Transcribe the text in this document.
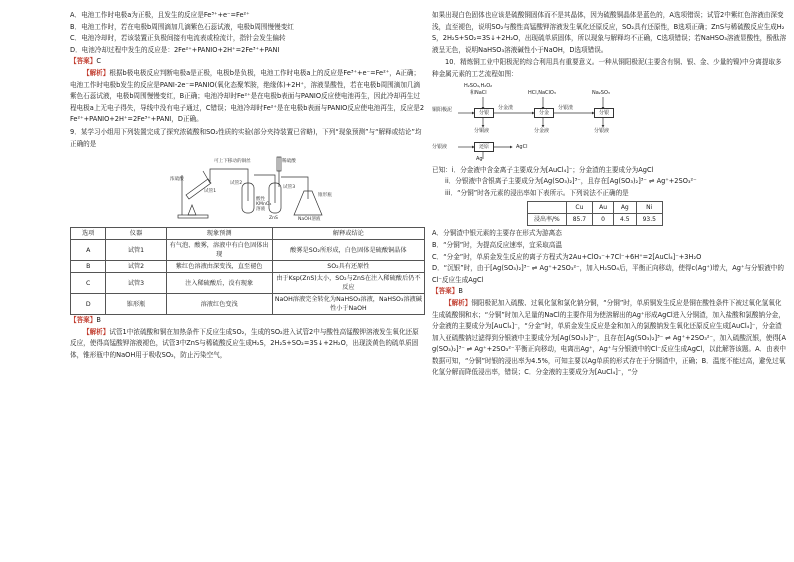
A．电池工作时电极a为正极，且发生的反应是Fe³⁺+e⁻=Fe²⁺

B．电池工作时，若在电极b周围滴加几滴紫色石蕊试液，电极b周围慢慢变红

C．电池冷却时，若该装置正负极间接有电流表或检流计，指针会发生偏转

D．电池冷却过程中发生的反应是：2Fe²⁺+PANIO+2H⁺=2Fe³⁺+PANI

【答案】C

【解析】根据b极电极反应判断电极a是正极，电极b是负极，电池工作时电极a上的反应是Fe³⁺+e⁻=Fe²⁺，A正确；电池工作时电极b发生的反应是PANI-2e⁻=PANIO(氧化态聚苯胺，绝缘体)+2H⁺，溶液显酸性，若在电极b周围滴加几滴紫色石蕊试液，电极b周围慢慢变红，B正确；电池冷却时Fe²⁺是在电极b表面与PANIO反应使电池再生，因此冷却再生过程电极a上无电子得失，导线中没有电子通过，C错误；电池冷却时Fe²⁺是在电极b表面与PANIO反应使电池再生，反应是2Fe²⁺+PANIO+2H⁺=2Fe³⁺+PANI，D正确。

9．某学习小组用下列装置完成了探究浓硫酸和SO₂性质的实验(部分夹持装置已省略)，下列“现象预测”与“解释或结论”均正确的是

可上下移动的铜丝	稀硫酸
浓硫酸
试管1
试管2
酸性KMnO₄溶液
试管3
ZnS	NaOH溶液
锥形瓶
选项	仪器	现象预测	解释或结论
A	试管1	有气泡、酸雾，溶液中有白色固体出现	酸雾是SO₂所形成，白色固体是硫酸铜晶体
B	试管2	紫红色溶液由深变浅，直至褪色	SO₂具有还原性
C	试管3	注入稀硫酸后，没有现象	由于Ksp(ZnS)太小，SO₂与ZnS在注入稀硫酸后仍不反应
D	锥形瓶	溶液红色变浅	NaOH溶液完全转化为NaHSO₃溶液，NaHSO₃溶液碱性小于NaOH

【答案】B

【解析】试管1中浓硫酸和铜在加热条件下反应生成SO₂，生成的SO₂进入试管2中与酸性高锰酸钾溶液发生氧化还原反应，使得高锰酸钾溶液褪色，试管3中ZnS与稀硫酸反应生成H₂S，2H₂S+SO₂=3S↓+2H₂O，出现淡黄色的硫单质固体，锥形瓶中的NaOH用于吸收SO₂，防止污染空气，

如果出现白色固体也应该是硫酸铜固体而不是其晶体，因为硫酸铜晶体是蓝色的，A选项错误；试管2中紫红色溶液由深变浅，直至褪色，说明SO₂与酸性高锰酸钾溶液发生氧化还原反应，SO₂具有还原性，B选项正确；ZnS与稀硫酸反应生成H₂S，2H₂S+SO₂=3S↓+2H₂O，出现硫单质固体，所以现象与解释均不正确，C选项错误；若NaHSO₃溶液显酸性，酚酞溶液呈无色，说明NaHSO₃溶液碱性小于NaOH，D选项错误。

10．精炼铜工业中阳极泥的综合利用具有重要意义。一种从铜阳极泥(主要含有铜、银、金、少量的镍)中分离提取多种金属元素的工艺流程如图：

H₂SO₄,H₂O₂
和NaCl	HCl,NaClO₃	Na₂SO₃
铜阳极泥	分银	分金	分银
分金渣	分银渣
分铜液	分金液	分银液
分银液	还原	AgCl
Ag

已知：i．分金液中含金离子主要成分为[AuCl₄]⁻；分金渣的主要成分为AgCl

ii．分银液中含银离子主要成分为[Ag(SO₃)₂]³⁻，且存在[Ag(SO₃)₂]³⁻ ⇌ Ag⁺+2SO₃²⁻

iii．“分铜”时各元素的浸出率如下表所示。下列说法不正确的是

	Cu	Au	Ag	Ni
浸出率/%	85.7	0	4.5	93.5

A．分铜渣中银元素的主要存在形式为游离态

B．“分铜”时，为提高反应速率，宜采取高温

C．“分金”时，单质金发生反应的离子方程式为2Au+ClO₃⁻+7Cl⁻+6H⁺=2[AuCl₄]⁻+3H₂O

D．“沉银”时，由于[Ag(SO₃)₂]³⁻ ⇌ Ag⁺+2SO₃²⁻，加入H₂SO₄后，平衡正向移动，使得c(Ag⁺)增大，Ag⁺与分银液中的Cl⁻反应生成AgCl

【答案】B

【解析】铜阳极泥加入硫酸、过氧化氢和氯化钠分铜，“分铜”时，单质铜发生反应是铜在酸性条件下被过氧化氢氧化生成硫酸铜和水；“分铜”时加入足量的NaCl的主要作用为使溶解出的Ag⁺形成AgCl进入分铜渣，加入盐酸和氯酸钠分金，分金液的主要成分为[AuCl₄]⁻，“分金”时，单质金发生反应是金和加入的氯酸钠发生氧化还原反应生成[AuCl₄]⁻，分金渣加入亚硫酸钠过滤得到分银液中主要成分为[Ag(SO₃)₂]³⁻，且存在[Ag(SO₃)₂]³⁻ ⇌ Ag⁺+2SO₃²⁻，加入硫酸沉银，使得[Ag(SO₃)₂]³⁻ ⇌ Ag⁺+2SO₃²⁻平衡正向移动，电离出Ag⁺，Ag⁺与分银液中的Cl⁻反应生成AgCl，以此解答该题。A．由表中数据可知，“分铜”时银的浸出率为4.5%，可知主要以Ag单质的形式存在于分铜渣中，正确；B．温度不能过高，避免过氧化氢分解而降低浸出率，错误；C．分金液的主要成分为[AuCl₄]⁻，“分
